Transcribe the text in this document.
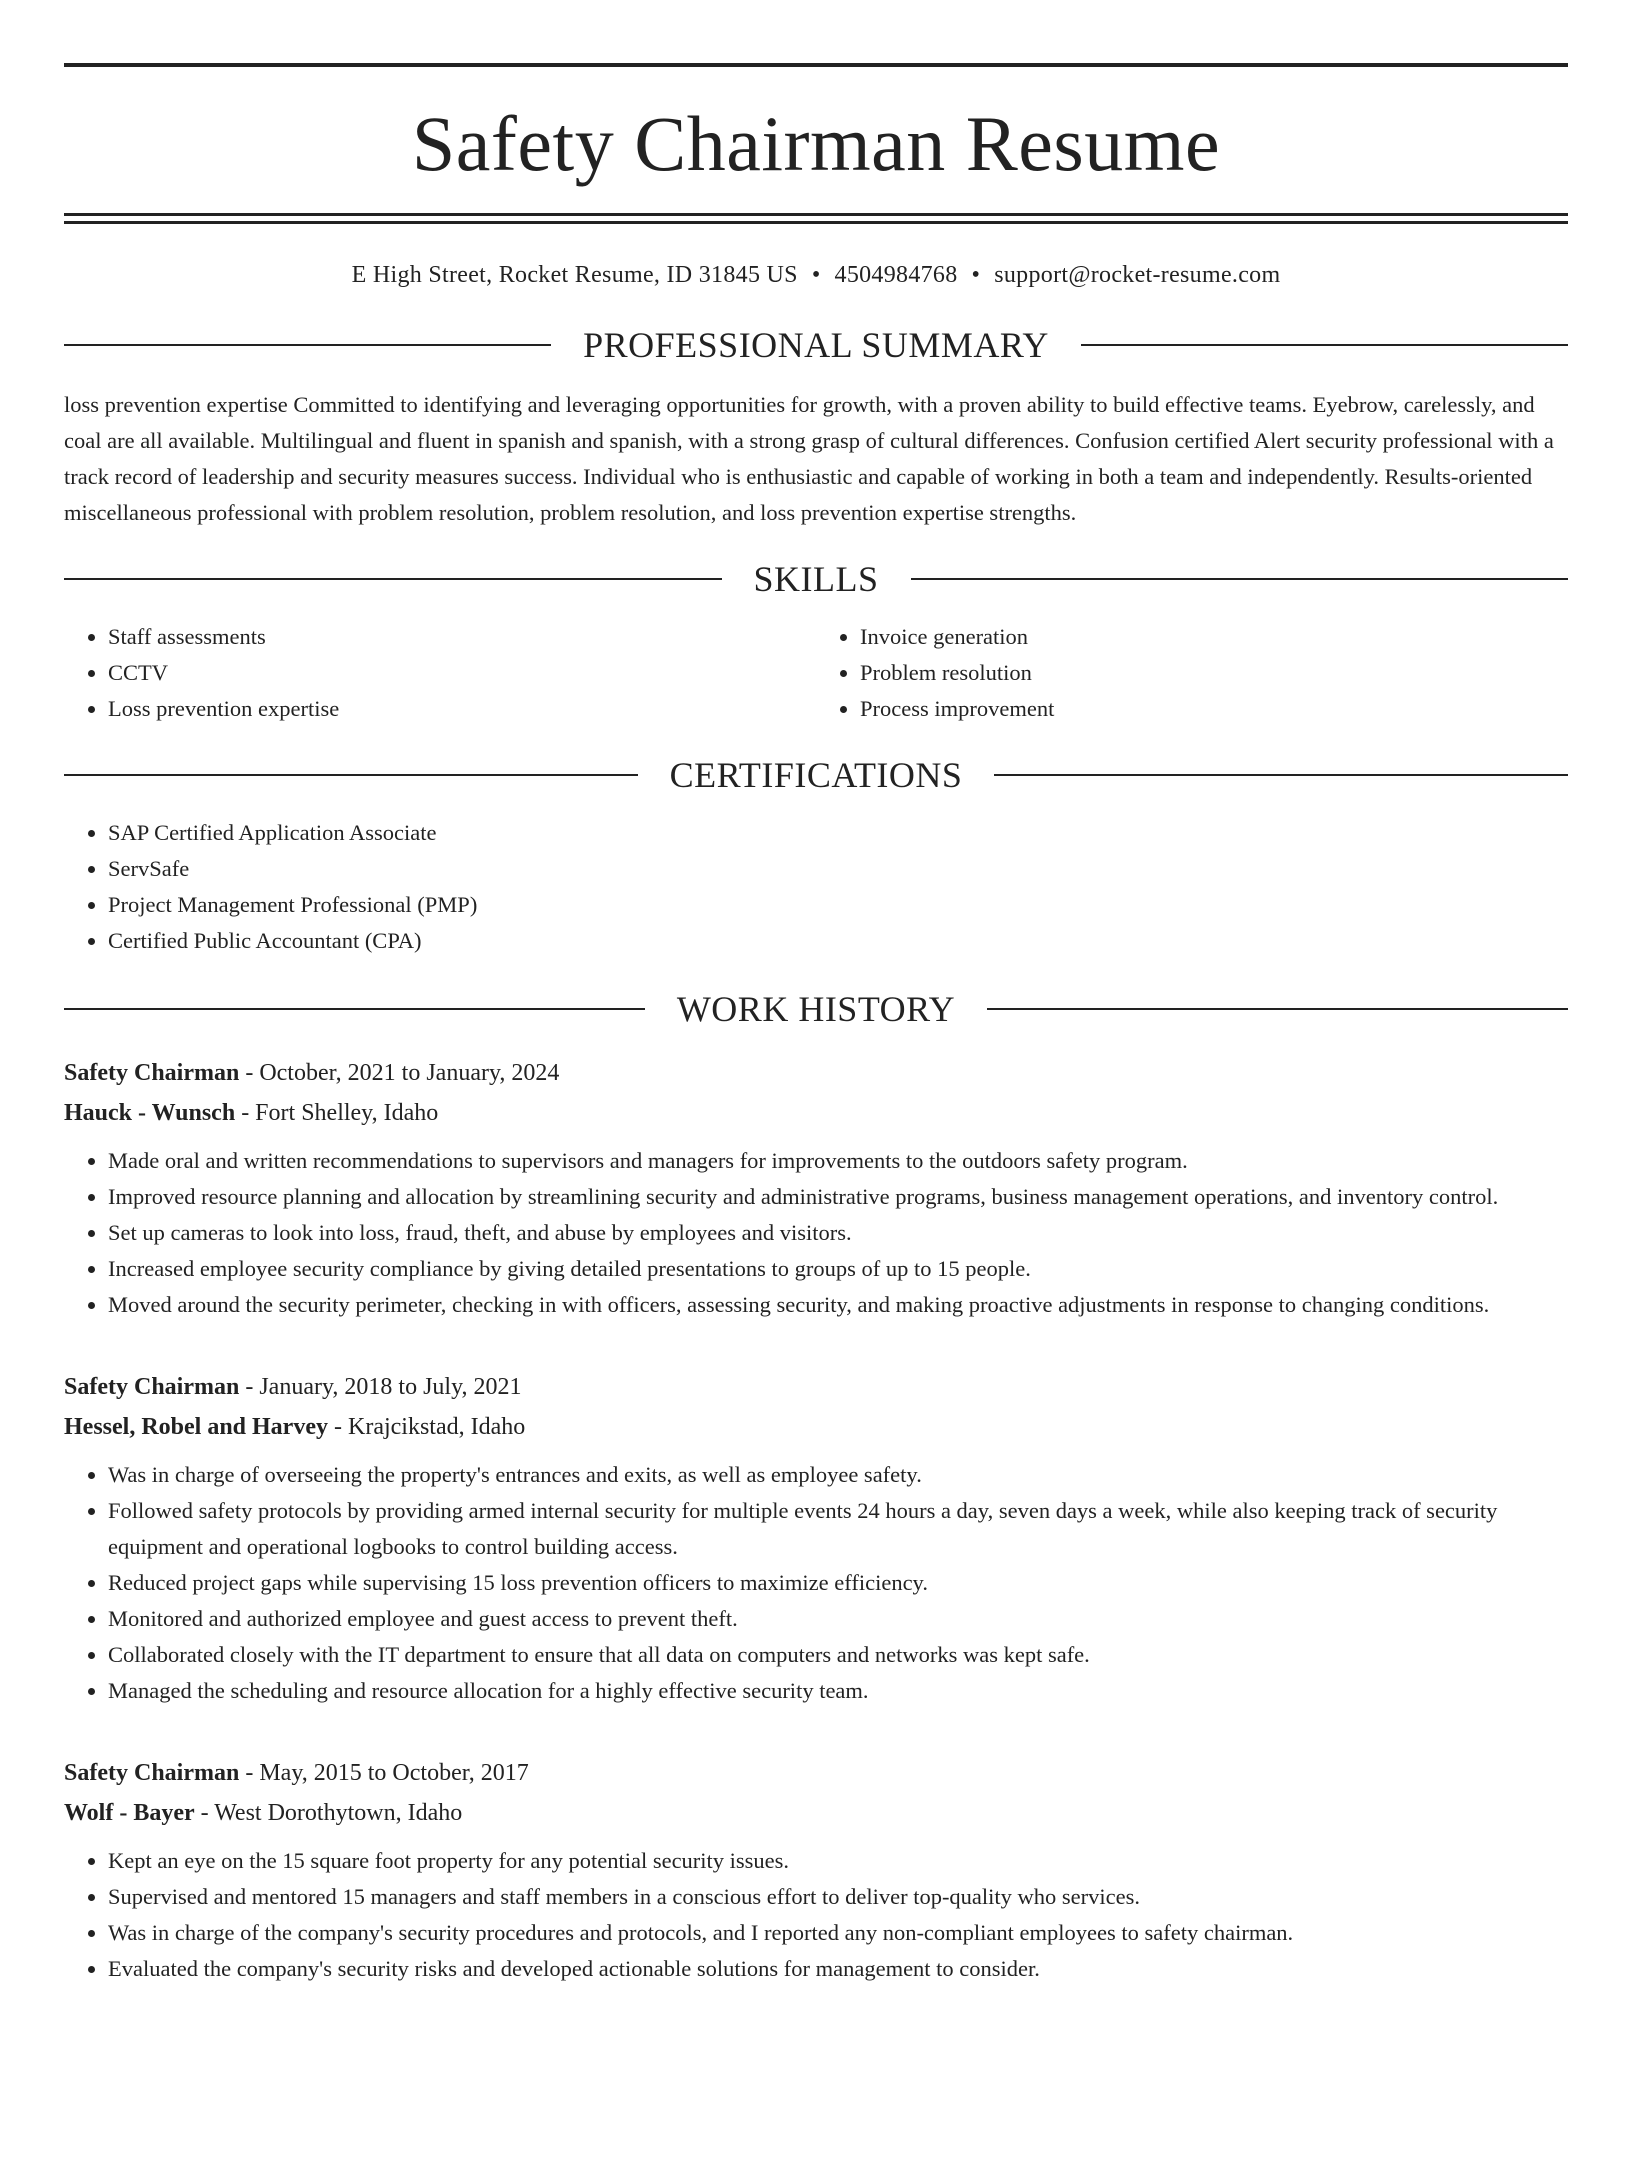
Safety Chairman Resume
E High Street, Rocket Resume, ID 31845 US • 4504984768 • support@rocket-resume.com
PROFESSIONAL SUMMARY

loss prevention expertise Committed to identifying and leveraging opportunities for growth, with a proven ability to build effective teams. Eyebrow, carelessly, and coal are all available. Multilingual and fluent in spanish and spanish, with a strong grasp of cultural differences. Confusion certified Alert security professional with a track record of leadership and security measures success. Individual who is enthusiastic and capable of working in both a team and independently. Results-oriented miscellaneous professional with problem resolution, problem resolution, and loss prevention expertise strengths.

SKILLS
• Staff assessments
• CCTV
• Loss prevention expertise
• Invoice generation
• Problem resolution
• Process improvement
CERTIFICATIONS
• SAP Certified Application Associate
• ServSafe
• Project Management Professional (PMP)
• Certified Public Accountant (CPA)
WORK HISTORY
Safety Chairman - October, 2021 to January, 2024
Hauck - Wunsch - Fort Shelley, Idaho
• Made oral and written recommendations to supervisors and managers for improvements to the outdoors safety program.
• Improved resource planning and allocation by streamlining security and administrative programs, business management operations, and inventory control.
• Set up cameras to look into loss, fraud, theft, and abuse by employees and visitors.
• Increased employee security compliance by giving detailed presentations to groups of up to 15 people.
• Moved around the security perimeter, checking in with officers, assessing security, and making proactive adjustments in response to changing conditions.
Safety Chairman - January, 2018 to July, 2021
Hessel, Robel and Harvey - Krajcikstad, Idaho
• Was in charge of overseeing the property's entrances and exits, as well as employee safety.
• Followed safety protocols by providing armed internal security for multiple events 24 hours a day, seven days a week, while also keeping track of security equipment and operational logbooks to control building access.
• Reduced project gaps while supervising 15 loss prevention officers to maximize efficiency.
• Monitored and authorized employee and guest access to prevent theft.
• Collaborated closely with the IT department to ensure that all data on computers and networks was kept safe.
• Managed the scheduling and resource allocation for a highly effective security team.
Safety Chairman - May, 2015 to October, 2017
Wolf - Bayer - West Dorothytown, Idaho
• Kept an eye on the 15 square foot property for any potential security issues.
• Supervised and mentored 15 managers and staff members in a conscious effort to deliver top-quality who services.
• Was in charge of the company's security procedures and protocols, and I reported any non-compliant employees to safety chairman.
• Evaluated the company's security risks and developed actionable solutions for management to consider.
